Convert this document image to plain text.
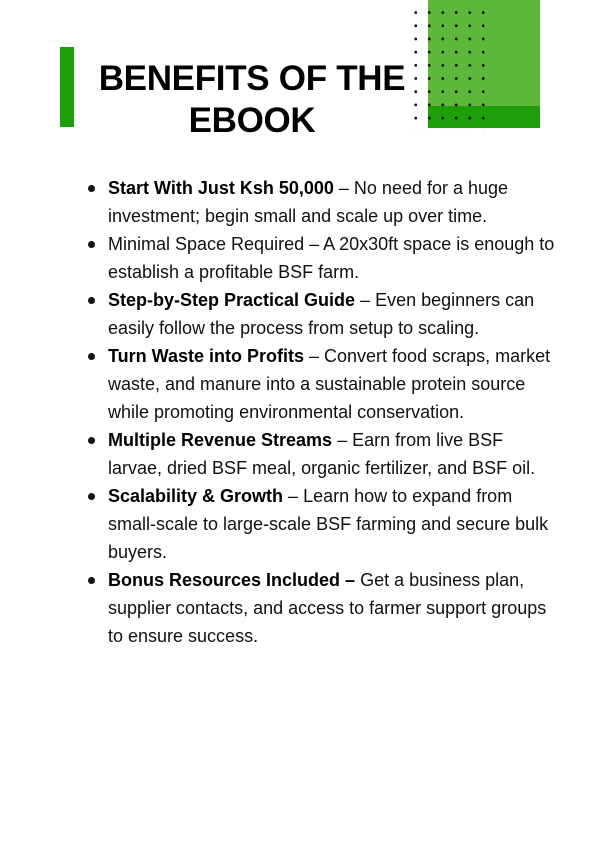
BENEFITS OF THE EBOOK
Start With Just Ksh 50,000 – No need for a huge investment; begin small and scale up over time.
Minimal Space Required – A 20x30ft space is enough to establish a profitable BSF farm.
Step-by-Step Practical Guide – Even beginners can easily follow the process from setup to scaling.
Turn Waste into Profits – Convert food scraps, market waste, and manure into a sustainable protein source while promoting environmental conservation.
Multiple Revenue Streams – Earn from live BSF larvae, dried BSF meal, organic fertilizer, and BSF oil.
Scalability & Growth – Learn how to expand from small-scale to large-scale BSF farming and secure bulk buyers.
Bonus Resources Included – Get a business plan, supplier contacts, and access to farmer support groups to ensure success.
